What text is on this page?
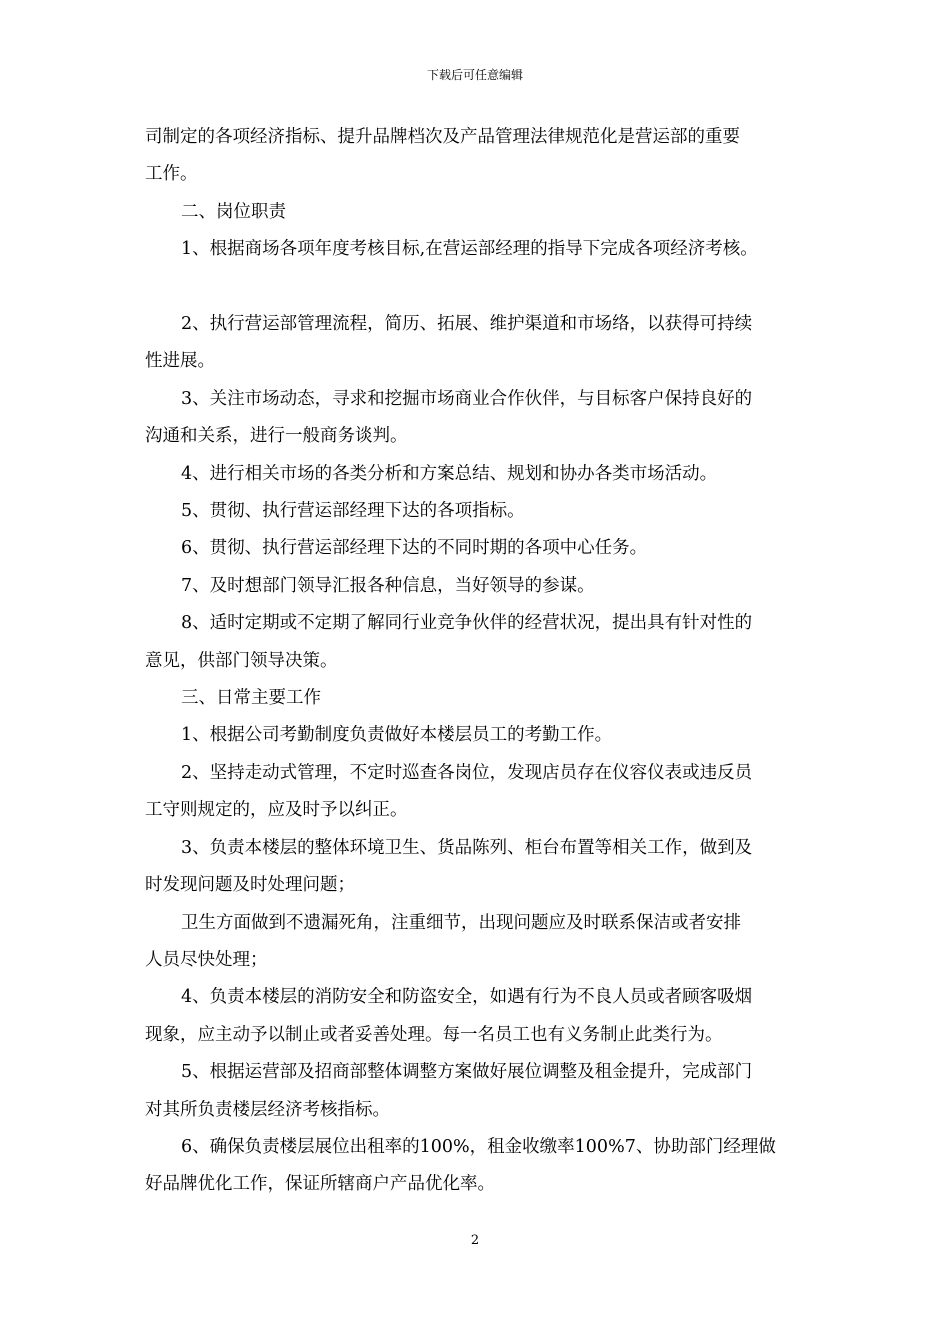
下载后可任意编辑

司制定的各项经济指标、提升品牌档次及产品管理法律规范化是营运部的重要

工作。

二、岗位职责

1、根据商场各项年度考核目标,在营运部经理的指导下完成各项经济考核。

2、执行营运部管理流程，简历、拓展、维护渠道和市场络，以获得可持续

性进展。

3、关注市场动态，寻求和挖掘市场商业合作伙伴，与目标客户保持良好的

沟通和关系，进行一般商务谈判。

4、进行相关市场的各类分析和方案总结、规划和协办各类市场活动。

5、贯彻、执行营运部经理下达的各项指标。

6、贯彻、执行营运部经理下达的不同时期的各项中心任务。

7、及时想部门领导汇报各种信息，当好领导的参谋。

8、适时定期或不定期了解同行业竞争伙伴的经营状况，提出具有针对性的

意见，供部门领导决策。

三、日常主要工作

1、根据公司考勤制度负责做好本楼层员工的考勤工作。

2、坚持走动式管理，不定时巡查各岗位，发现店员存在仪容仪表或违反员

工守则规定的，应及时予以纠正。

3、负责本楼层的整体环境卫生、货品陈列、柜台布置等相关工作，做到及

时发现问题及时处理问题；

卫生方面做到不遗漏死角，注重细节，出现问题应及时联系保洁或者安排

人员尽快处理；

4、负责本楼层的消防安全和防盗安全，如遇有行为不良人员或者顾客吸烟

现象，应主动予以制止或者妥善处理。每一名员工也有义务制止此类行为。

5、根据运营部及招商部整体调整方案做好展位调整及租金提升，完成部门

对其所负责楼层经济考核指标。

6、确保负责楼层展位出租率的100%，租金收缴率100%7、协助部门经理做

好品牌优化工作，保证所辖商户产品优化率。

2
